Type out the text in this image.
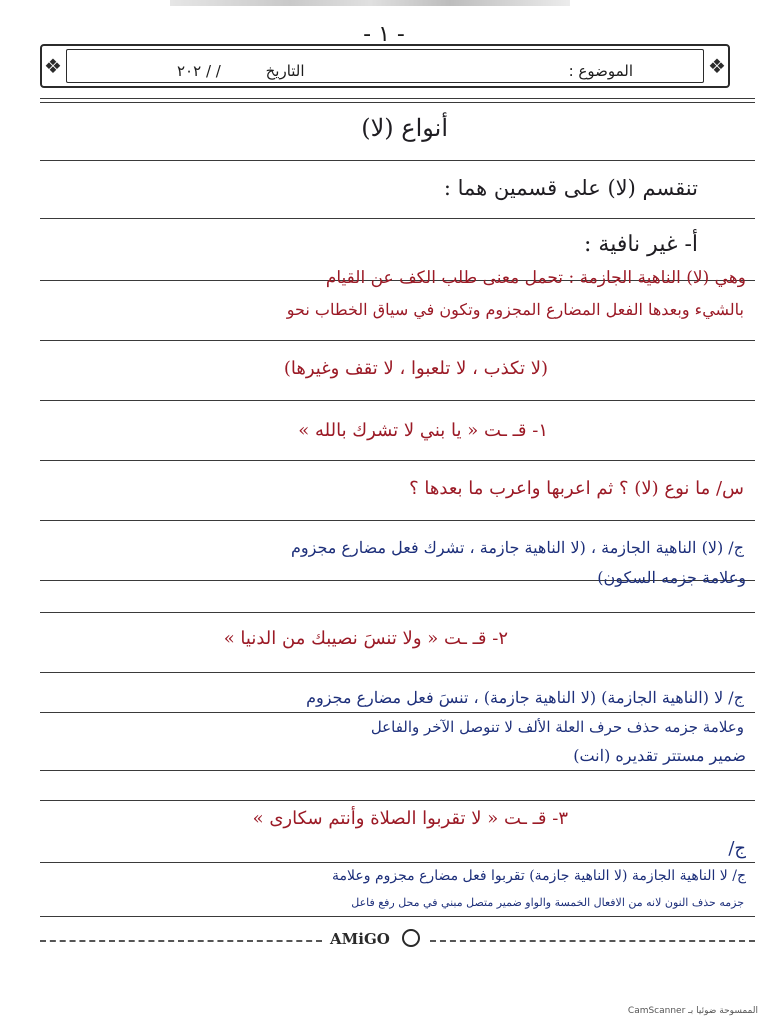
- ١ -
❖	الموضوع :
التاريخ / / ٢٠٢	❖
أنواع (لا)
تنقسم (لا) على قسمين هما :
أ- غير نافية :
وهي (لا) الناهية الجازمة : تحمل معنى طلب الكف عن القيام
بالشيء وبعدها الفعل المضارع المجزوم وتكون في سياق الخطاب نحو
(لا تكذب ، لا تلعبوا ، لا تقف وغيرها)
١- قـ ـت « يا بني لا تشرك بالله »
س/ ما نوع (لا) ؟ ثم اعربها واعرب ما بعدها ؟
ج/ (لا) الناهية الجازمة ، (لا الناهية جازمة ، تشرك فعل مضارع مجزوم
وعلامة جزمه السكون)
٢- قـ ـت « ولا تنسَ نصيبك من الدنيا »
ج/ لا (الناهية الجازمة) (لا الناهية جازمة) ، تنسَ فعل مضارع مجزوم
وعلامة جزمه حذف حرف العلة الألف لا تنوصل الآخر والفاعل
ضمير مستتر تقديره (انت)
٣- قـ ـت « لا تقربوا الصلاة وأنتم سكارى »
ج/
ج/ لا الناهية الجازمة (لا الناهية جازمة) تقربوا فعل مضارع مجزوم وعلامة
جزمه حذف النون لانه من الافعال الخمسة والواو ضمير متصل مبني في محل رفع فاعل
AMiGO
الممسوحة ضوئيا بـ CamScanner
